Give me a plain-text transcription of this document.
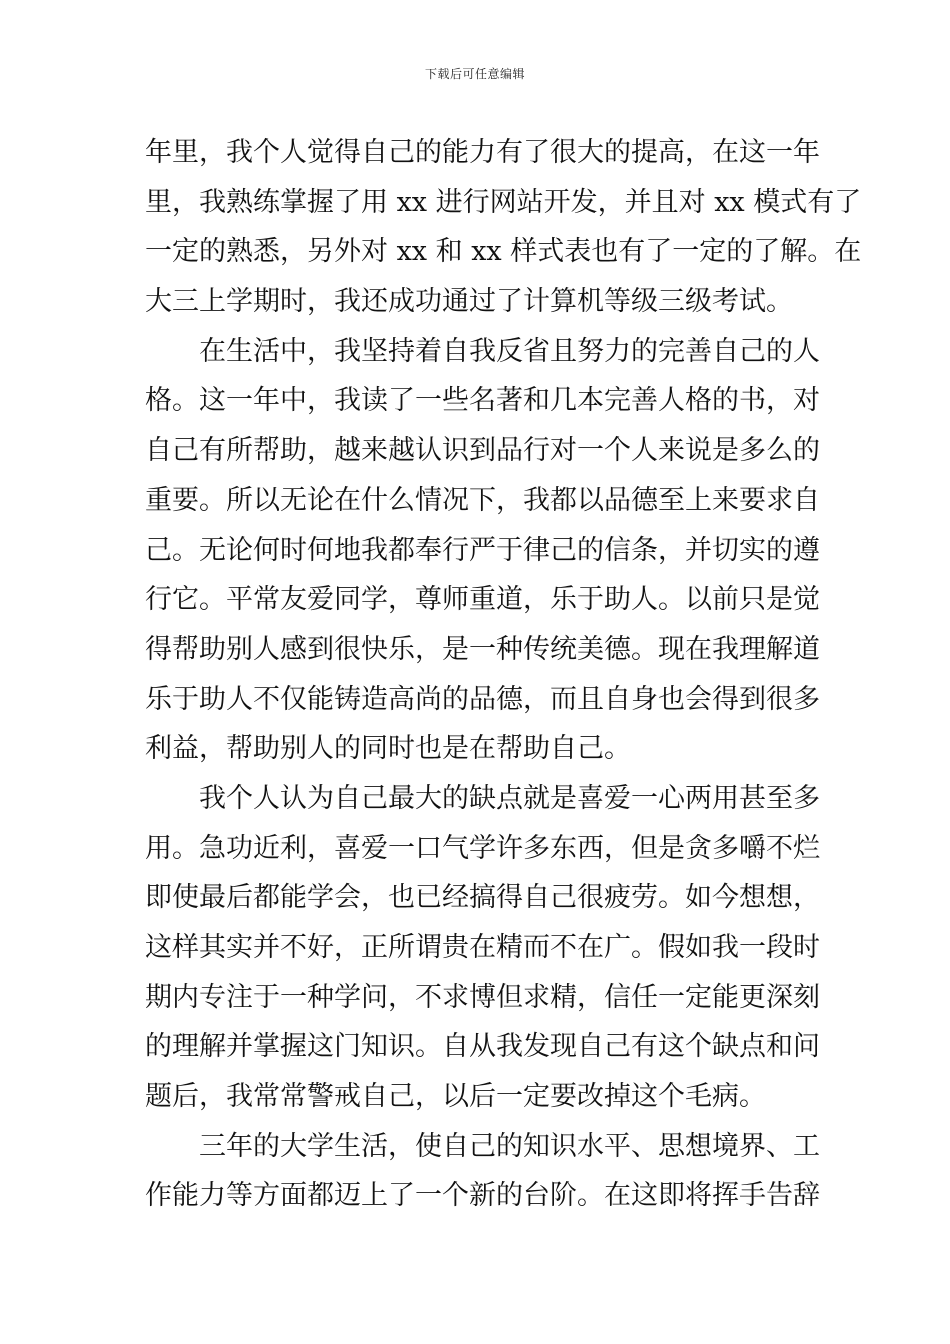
下载后可任意编辑
年里，我个人觉得自己的能力有了很大的提高，在这一年
里，我熟练掌握了用 xx 进行网站开发，并且对 xx 模式有了
一定的熟悉，另外对 xx 和 xx 样式表也有了一定的了解。在
大三上学期时，我还成功通过了计算机等级三级考试。
在生活中，我坚持着自我反省且努力的完善自己的人
格。这一年中，我读了一些名著和几本完善人格的书，对
自己有所帮助，越来越认识到品行对一个人来说是多么的
重要。所以无论在什么情况下，我都以品德至上来要求自
己。无论何时何地我都奉行严于律己的信条，并切实的遵
行它。平常友爱同学，尊师重道，乐于助人。以前只是觉
得帮助别人感到很快乐，是一种传统美德。现在我理解道
乐于助人不仅能铸造高尚的品德，而且自身也会得到很多
利益，帮助别人的同时也是在帮助自己。
我个人认为自己最大的缺点就是喜爱一心两用甚至多
用。急功近利，喜爱一口气学许多东西，但是贪多嚼不烂
即使最后都能学会，也已经搞得自己很疲劳。如今想想，
这样其实并不好，正所谓贵在精而不在广。假如我一段时
期内专注于一种学问，不求博但求精，信任一定能更深刻
的理解并掌握这门知识。自从我发现自己有这个缺点和问
题后，我常常警戒自己，以后一定要改掉这个毛病。
三年的大学生活，使自己的知识水平、思想境界、工
作能力等方面都迈上了一个新的台阶。在这即将挥手告辞
